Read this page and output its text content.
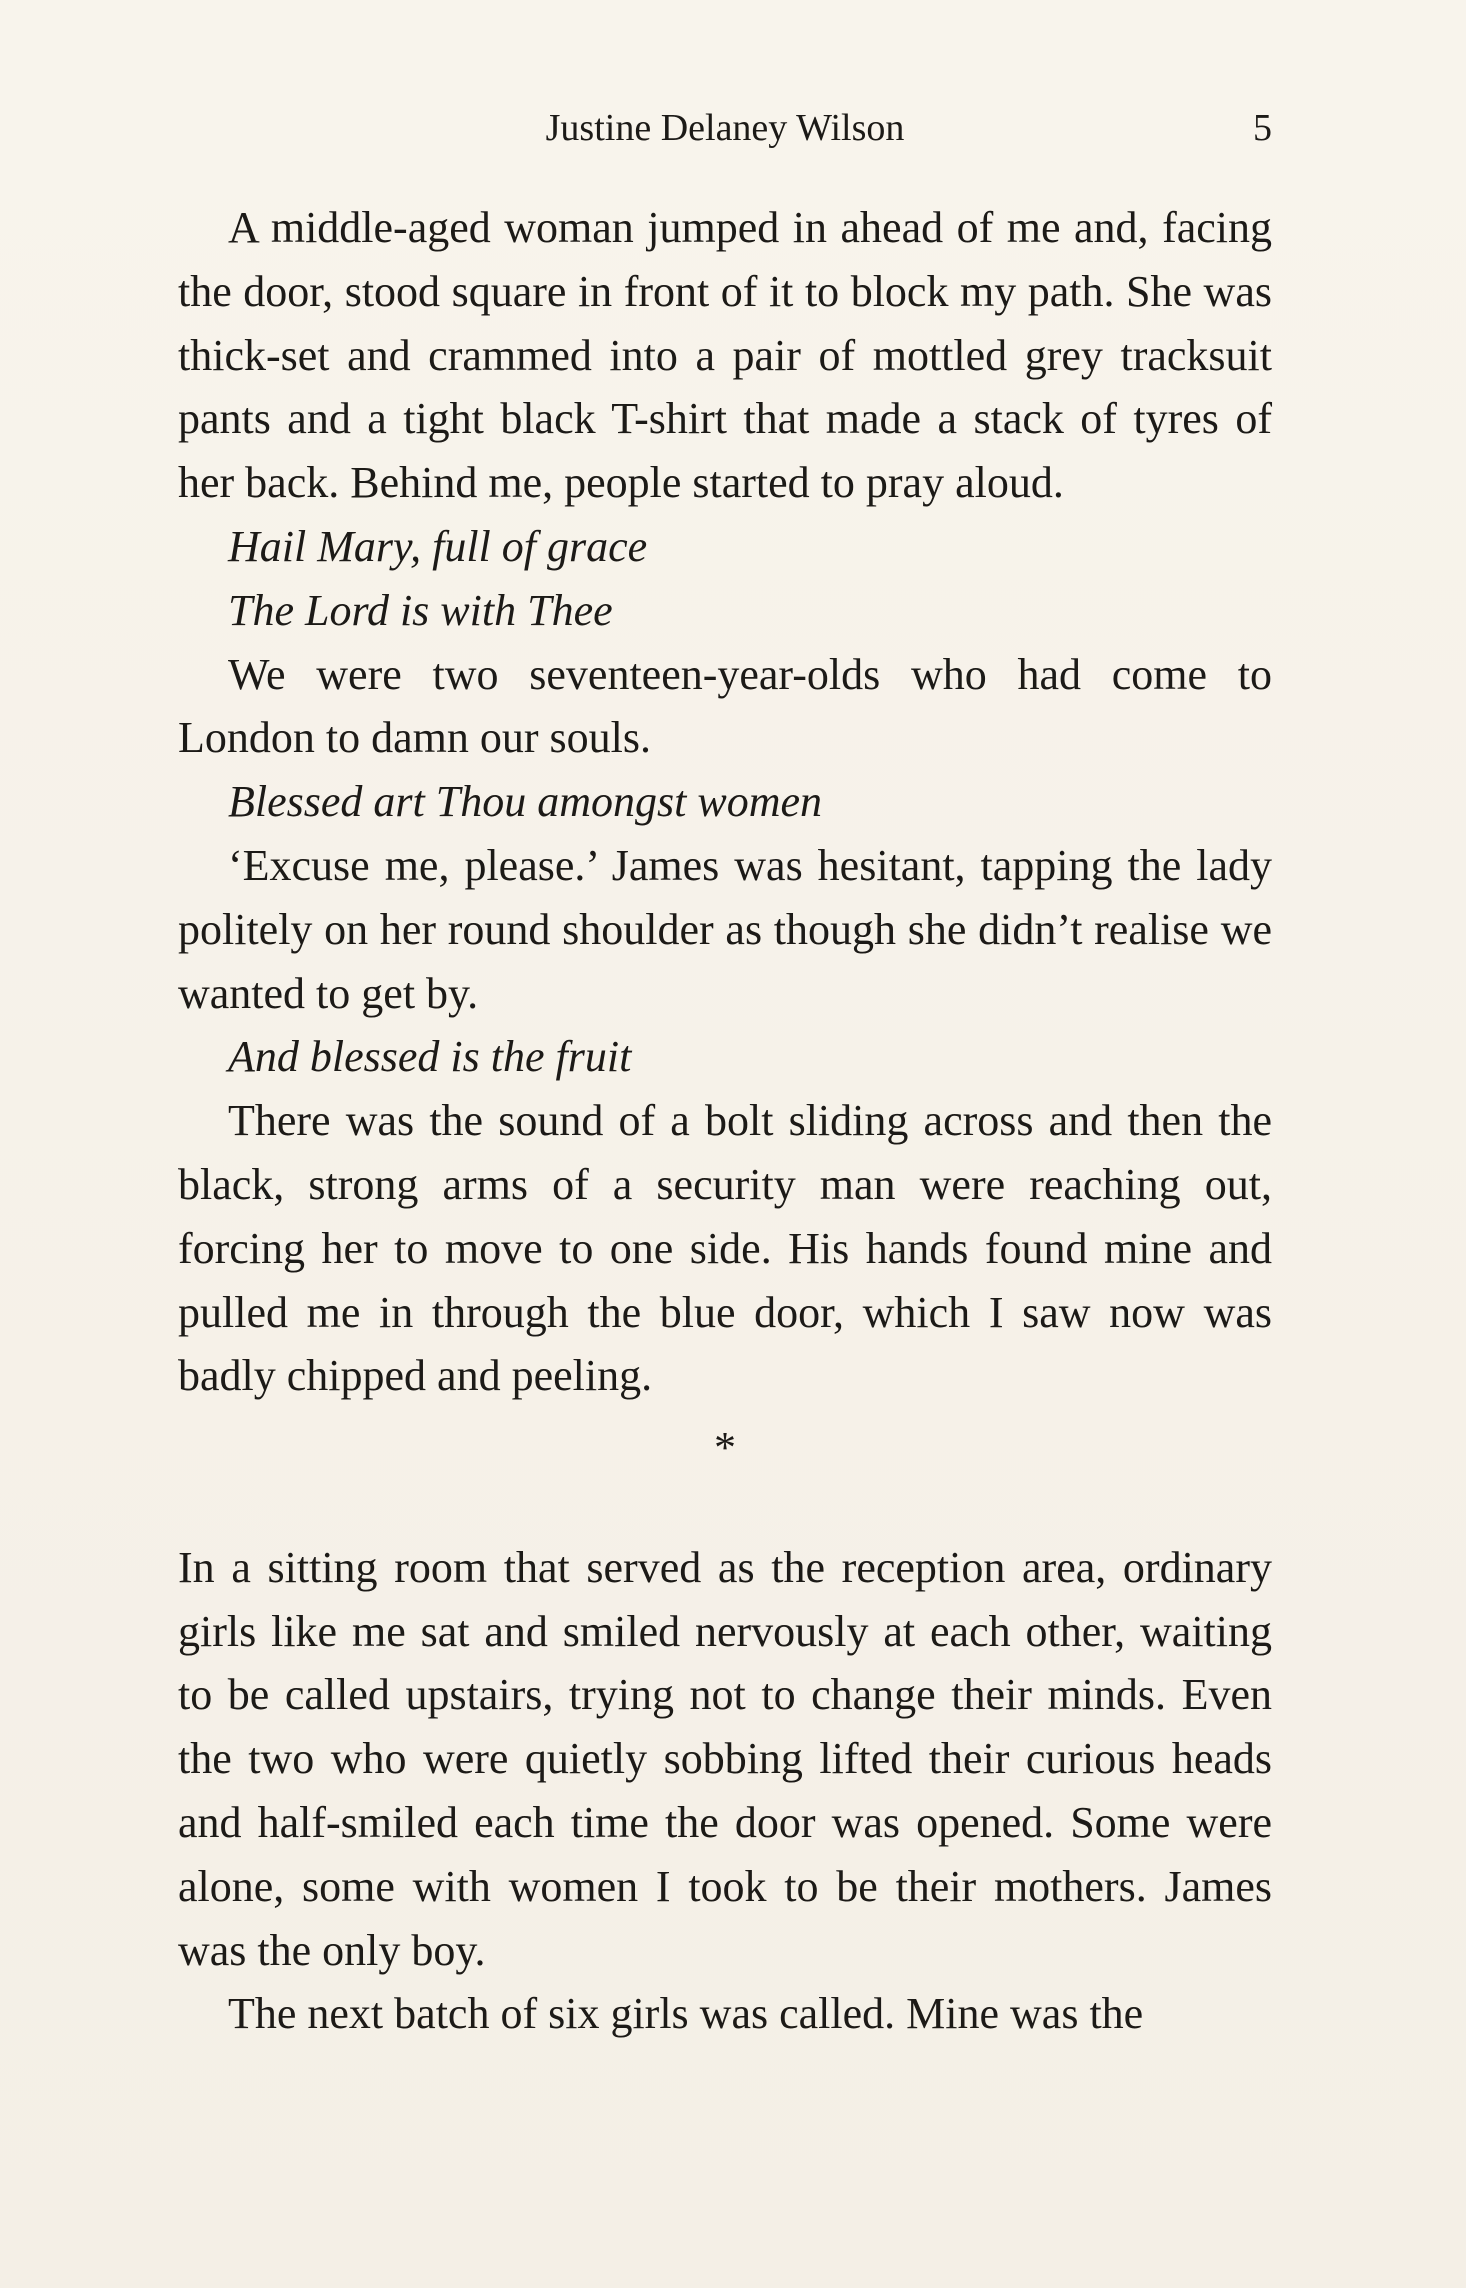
Justine Delaney Wilson	5

A middle-aged woman jumped in ahead of me and, facing the door, stood square in front of it to block my path. She was thick-set and crammed into a pair of mottled grey tracksuit pants and a tight black T-shirt that made a stack of tyres of her back. Behind me, people started to pray aloud.

Hail Mary, full of grace

The Lord is with Thee

We were two seventeen-year-olds who had come to London to damn our souls.

Blessed art Thou amongst women

‘Excuse me, please.’ James was hesitant, tapping the lady politely on her round shoulder as though she didn’t realise we wanted to get by.

And blessed is the fruit

There was the sound of a bolt sliding across and then the black, strong arms of a security man were reaching out, forcing her to move to one side. His hands found mine and pulled me in through the blue door, which I saw now was badly chipped and peeling.

*

In a sitting room that served as the reception area, ordinary girls like me sat and smiled nervously at each other, waiting to be called upstairs, trying not to change their minds. Even the two who were quietly sobbing lifted their curious heads and half-smiled each time the door was opened. Some were alone, some with women I took to be their mothers. James was the only boy.

The next batch of six girls was called. Mine was the
